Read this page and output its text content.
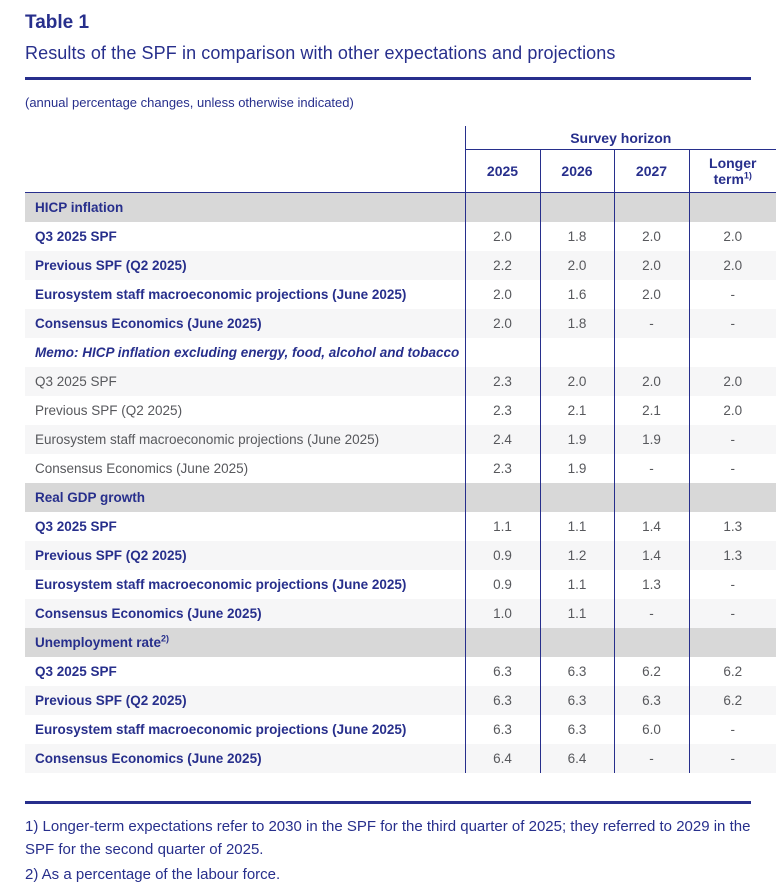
Table 1
Results of the SPF in comparison with other expectations and projections
(annual percentage changes, unless otherwise indicated)
	Survey horizon			
	2025	2026	2027	Longer term$^{1)}$
HICP inflation				
Q3 2025 SPF	2.0	1.8	2.0	2.0
Previous SPF (Q2 2025)	2.2	2.0	2.0	2.0
Eurosystem staff macroeconomic projections (June 2025)	2.0	1.6	2.0	-
Consensus Economics (June 2025)	2.0	1.8	-	-
Memo: HICP inflation excluding energy, food, alcohol and tobacco				
Q3 2025 SPF	2.3	2.0	2.0	2.0
Previous SPF (Q2 2025)	2.3	2.1	2.1	2.0
Eurosystem staff macroeconomic projections (June 2025)	2.4	1.9	1.9	-
Consensus Economics (June 2025)	2.3	1.9	-	-
Real GDP growth				
Q3 2025 SPF	1.1	1.1	1.4	1.3
Previous SPF (Q2 2025)	0.9	1.2	1.4	1.3
Eurosystem staff macroeconomic projections (June 2025)	0.9	1.1	1.3	-
Consensus Economics (June 2025)	1.0	1.1	-	-
Unemployment rate$^{2)}$				
Q3 2025 SPF	6.3	6.3	6.2	6.2
Previous SPF (Q2 2025)	6.3	6.3	6.3	6.2
Eurosystem staff macroeconomic projections (June 2025)	6.3	6.3	6.0	-
Consensus Economics (June 2025)	6.4	6.4	-	-

1) Longer-term expectations refer to 2030 in the SPF for the third quarter of 2025; they referred to 2029 in the SPF for the second quarter of 2025.

2) As a percentage of the labour force.
